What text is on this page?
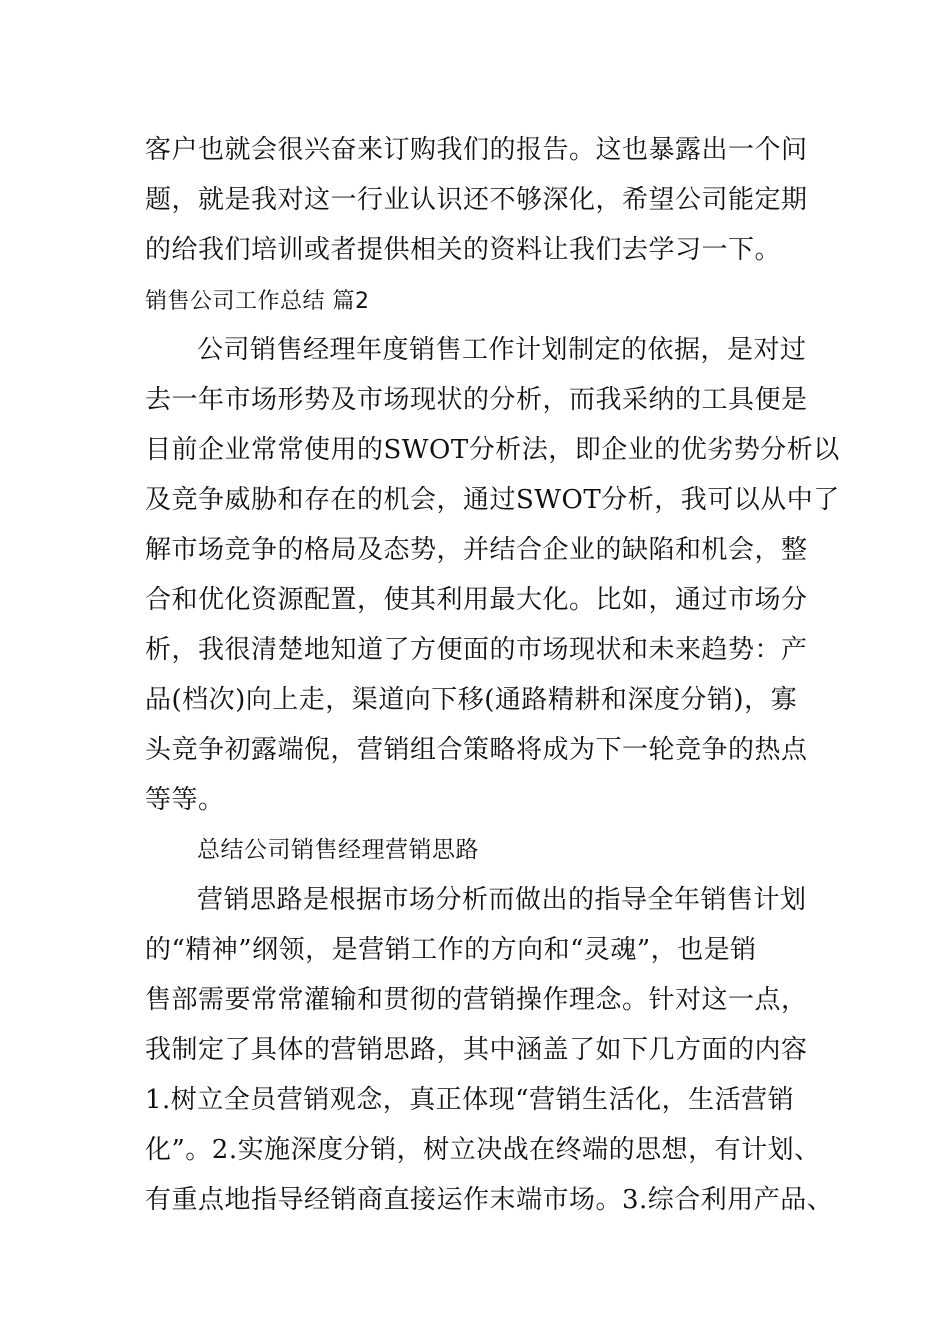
客户也就会很兴奋来订购我们的报告。这也暴露出一个问
题，就是我对这一行业认识还不够深化，希望公司能定期
的给我们培训或者提供相关的资料让我们去学习一下。
销售公司工作总结 篇2
公司销售经理年度销售工作计划制定的依据，是对过
去一年市场形势及市场现状的分析，而我采纳的工具便是
目前企业常常使用的SWOT分析法，即企业的优劣势分析以
及竞争威胁和存在的机会，通过SWOT分析，我可以从中了
解市场竞争的格局及态势，并结合企业的缺陷和机会，整
合和优化资源配置，使其利用最大化。比如，通过市场分
析，我很清楚地知道了方便面的市场现状和未来趋势：产
品(档次)向上走，渠道向下移(通路精耕和深度分销)，寡
头竞争初露端倪，营销组合策略将成为下一轮竞争的热点
等等。
总结公司销售经理营销思路
营销思路是根据市场分析而做出的指导全年销售计划
的“精神”纲领，是营销工作的方向和“灵魂”，也是销
售部需要常常灌输和贯彻的营销操作理念。针对这一点，
我制定了具体的营销思路，其中涵盖了如下几方面的内容
1.树立全员营销观念，真正体现“营销生活化，生活营销
化”。2.实施深度分销，树立决战在终端的思想，有计划、
有重点地指导经销商直接运作末端市场。3.综合利用产品、
